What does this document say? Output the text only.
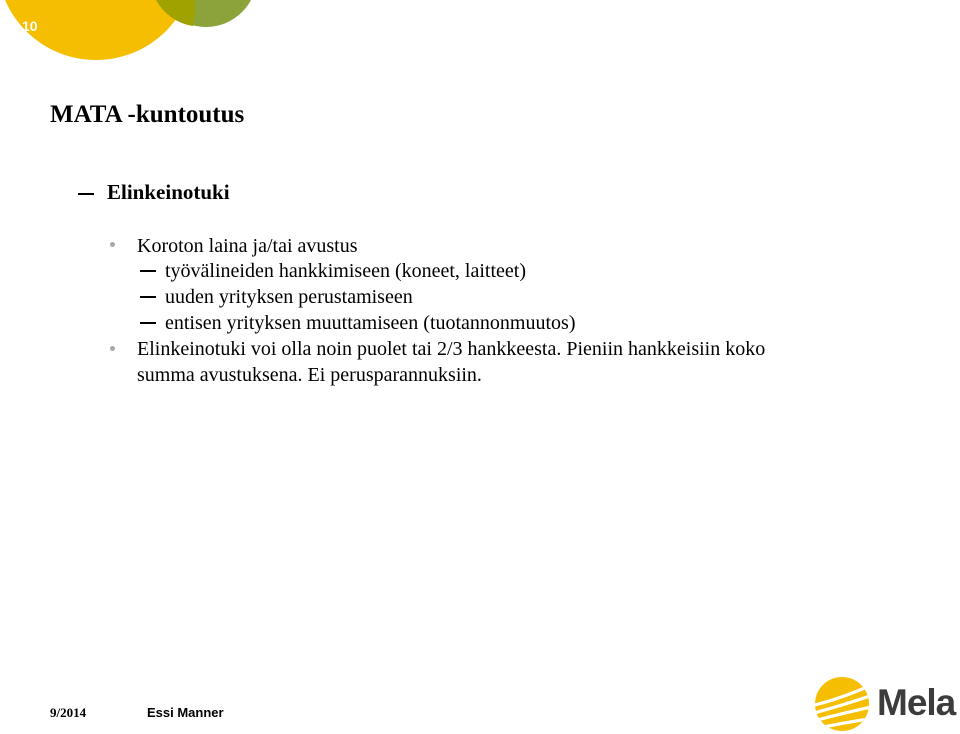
10
MATA -kuntoutus
Elinkeinotuki
Koroton laina ja/tai avustus
työvälineiden hankkimiseen (koneet, laitteet)
uuden yrityksen perustamiseen
entisen yrityksen muuttamiseen (tuotannonmuutos)
Elinkeinotuki voi olla noin puolet tai 2/3 hankkeesta. Pieniin hankkeisiin koko
summa avustuksena. Ei perusparannuksiin.
9/2014	Essi Manner	Mela
